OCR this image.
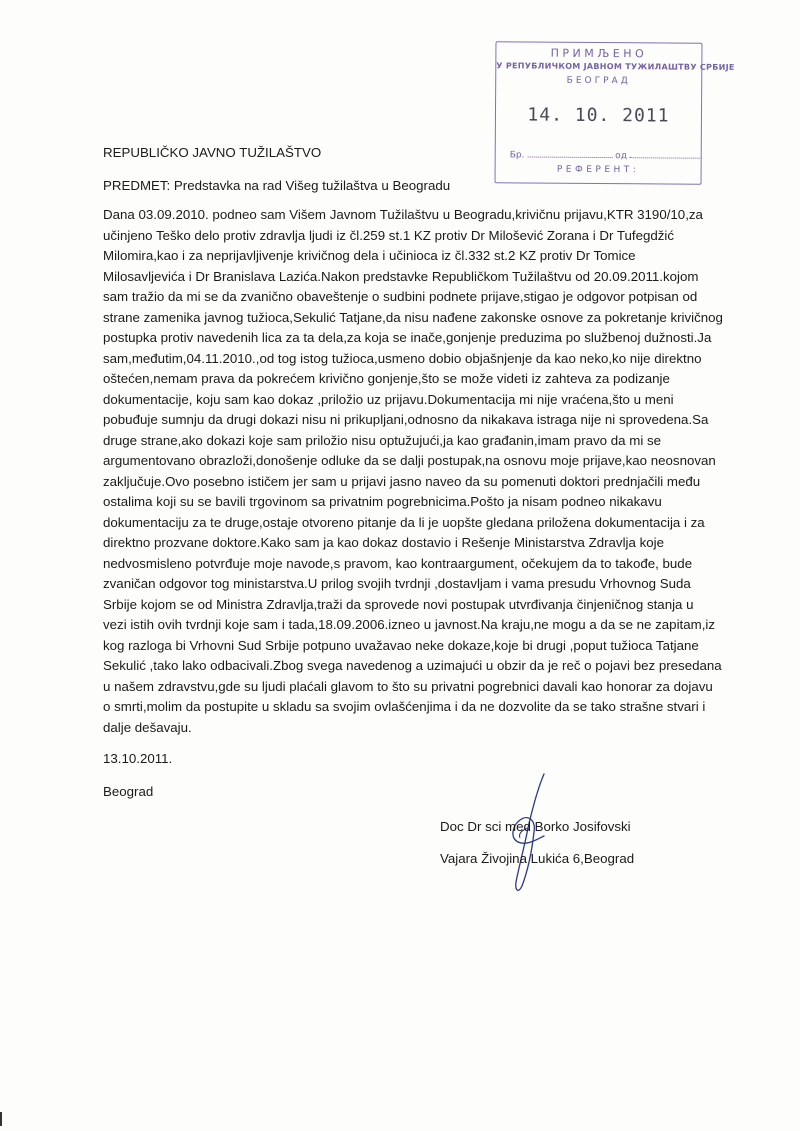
ПРИМЉЕНО
У РЕПУБЛИЧКОМ ЈАВНОМ ТУЖИЛАШТВУ СРБИЈЕ
БЕОГРАД
14. 10. 2011
Бр.	од
РЕФЕРЕНТ:
REPUBLIČKO JAVNO TUŽILAŠTVO
PREDMET: Predstavka na rad Višeg tužilaštva u Beogradu
Dana 03.09.2010. podneo sam Višem Javnom Tužilaštvu u Beogradu,krivičnu prijavu,KTR 3190/10,za
učinjeno Teško delo protiv zdravlja ljudi iz čl.259 st.1 KZ protiv Dr Milošević Zorana i Dr Tufegdžić
Milomira,kao i za neprijavljivenje krivičnog dela i učinioca iz čl.332 st.2 KZ protiv Dr Tomice
Milosavljevića i Dr Branislava Lazića.Nakon predstavke Republičkom Tužilaštvu od 20.09.2011.kojom
sam tražio da mi se da zvanično obaveštenje o sudbini podnete prijave,stigao je odgovor potpisan od
strane zamenika javnog tužioca,Sekulić Tatjane,da nisu nađene zakonske osnove za pokretanje krivičnog
postupka protiv navedenih lica za ta dela,za koja se inače,gonjenje preduzima po službenoj dužnosti.Ja
sam,međutim,04.11.2010.,od tog istog tužioca,usmeno dobio objašnjenje da kao neko,ko nije direktno
oštećen,nemam prava da pokrećem krivično gonjenje,što se može videti iz zahteva za podizanje
dokumentacije, koju sam kao dokaz ,priložio uz prijavu.Dokumentacija mi nije vraćena,što u meni
pobuđuje sumnju da drugi dokazi nisu ni prikupljani,odnosno da nikakava istraga nije ni sprovedena.Sa
druge strane,ako dokazi koje sam priložio nisu optužujući,ja kao građanin,imam pravo da mi se
argumentovano obrazloži,donošenje odluke da se dalji postupak,na osnovu moje prijave,kao neosnovan
zaključuje.Ovo posebno ističem jer sam u prijavi jasno naveo da su pomenuti doktori prednjačili među
ostalima koji su se bavili trgovinom sa privatnim pogrebnicima.Pošto ja nisam podneo nikakavu
dokumentaciju za te druge,ostaje otvoreno pitanje da li je uopšte gledana priložena dokumentacija i za
direktno prozvane doktore.Kako sam ja kao dokaz dostavio i Rešenje Ministarstva Zdravlja koje
nedvosmisleno potvrđuje moje navode,s pravom, kao kontraargument, očekujem da to takođe, bude
zvaničan odgovor tog ministarstva.U prilog svojih tvrdnji ,dostavljam i vama presudu Vrhovnog Suda
Srbije kojom se od Ministra Zdravlja,traži da sprovede novi postupak utvrđivanja činjeničnog stanja u
vezi istih ovih tvrdnji koje sam i tada,18.09.2006.izneo u javnost.Na kraju,ne mogu a da se ne zapitam,iz
kog razloga bi Vrhovni Sud Srbije potpuno uvažavao neke dokaze,koje bi drugi ,poput tužioca Tatjane
Sekulić ,tako lako odbacivali.Zbog svega navedenog a uzimajući u obzir da je reč o pojavi bez presedana
u našem zdravstvu,gde su ljudi plaćali glavom to što su privatni pogrebnici davali kao honorar za dojavu
o smrti,molim da postupite u skladu sa svojim ovlašćenjima i da ne dozvolite da se tako strašne stvari i
dalje dešavaju.
13.10.2011.
Beograd
Doc Dr sci med Borko Josifovski
Vajara Živojina Lukića 6,Beograd
